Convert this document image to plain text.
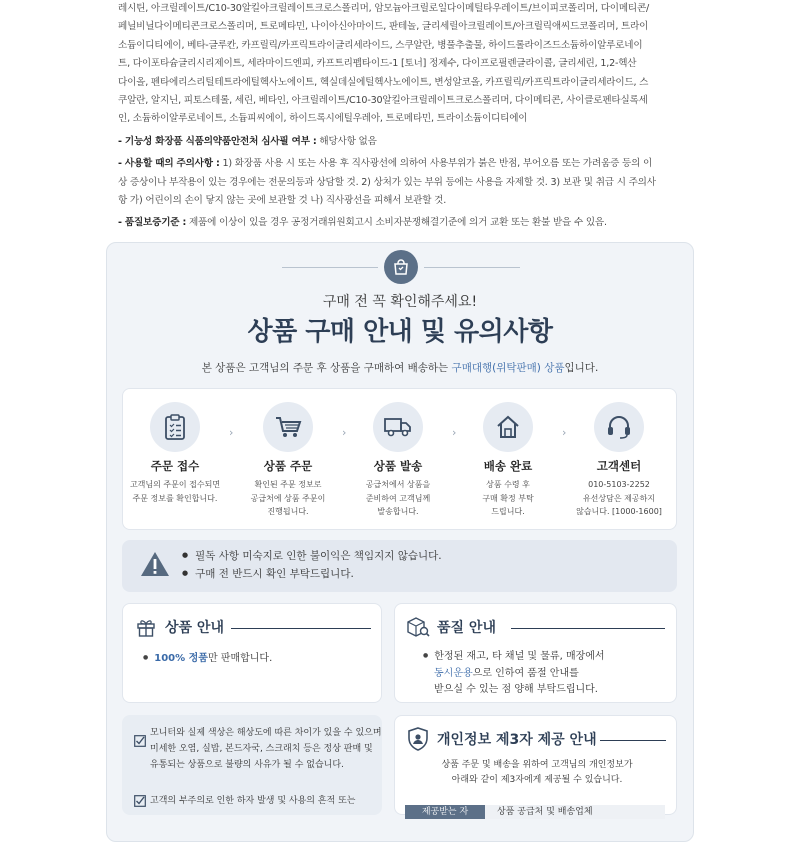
레시틴, 아크릴레이트/C10-30알킬아크릴레이트크로스폴리머, 암모늄아크릴로일다이메틸타우레이트/브이피코폴리머, 다이메티콘/

페닐비닐다이메티콘크로스폴리머, 트로메타민, 나이아신아마이드, 판테놀, 글리세릴아크릴레이트/아크릴릭애씨드코폴리머, 트라이

소듐이디티에이, 베타-글루칸, 카프릴릭/카프릭트라이글리세라이드, 스쿠알란, 병풀추출물, 하이드롤라이즈드소듐하이알루로네이

트, 다이포타슘글리시리제이트, 세라마이드엔피, 카프트리펩타이드-1 [토너] 정제수, 다이프로필렌글라이콜, 글리세린, 1,2-헥산

다이올, 펜타에리스리틸테트라에틸헥사노에이트, 헥실데실에틸헥사노에이트, 변성알코올, 카프릴릭/카프릭트라이글리세라이드, 스

쿠알란, 알지닌, 피토스테롤, 세린, 베타인, 아크릴레이트/C10-30알킬아크릴레이트크로스폴리머, 다이메티콘, 사이클로펜타실록세

인, 소듐하이알루로네이트, 소듐피씨에이, 하이드록시에틸우레아, 트로메타민, 트라이소듐이디티에이

- 기능성 화장품 식품의약품안전처 심사필 여부 : 해당사항 없음

- 사용할 때의 주의사항 : 1) 화장품 사용 시 또는 사용 후 직사광선에 의하여 사용부위가 붉은 반점, 부어오름 또는 가려움증 등의 이

상 증상이나 부작용이 있는 경우에는 전문의등과 상담할 것. 2) 상처가 있는 부위 등에는 사용을 자제할 것. 3) 보관 및 취급 시 주의사

항 가) 어린이의 손이 닿지 않는 곳에 보관할 것 나) 직사광선을 피해서 보관할 것.

- 품질보증기준 : 제품에 이상이 있을 경우 공정거래위원회고시 소비자분쟁해결기준에 의거 교환 또는 환불 받을 수 있음.

구매 전 꼭 확인해주세요!
상품 구매 안내 및 유의사항
본 상품은 고객님의 주문 후 상품을 구매하여 배송하는 구매대행(위탁판매) 상품입니다.
주문 접수
고객님의 주문이 접수되면
주문 정보를 확인합니다.
›
상품 주문
확인된 주문 정보로
공급처에 상품 주문이
진행됩니다.
›
상품 발송
공급처에서 상품을
준비하여 고객님께
발송합니다.
›
배송 완료
상품 수령 후
구매 확정 부탁
드립니다.
›
고객센터
010-5103-2252
유선상담은 제공하지
않습니다. [1000-1600]
● 필독 사항 미숙지로 인한 불이익은 책임지지 않습니다.
● 구매 전 반드시 확인 부탁드립니다.
상품 안내
● 100% 정품만 판매합니다.
품질 안내
● 한정된 재고, 타 채널 및 물류, 매장에서
동시운용으로 인하여 품절 안내를
받으실 수 있는 점 양해 부탁드립니다.
모니터와 실제 색상은 해상도에 따른 차이가 있을 수 있으며
미세한 오염, 실밥, 본드자국, 스크래치 등은 정상 판매 및
유통되는 상품으로 불량의 사유가 될 수 없습니다.
고객의 부주의로 인한 하자 발생 및 사용의 흔적 또는
개인정보 제3자 제공 안내
상품 주문 및 배송을 위하여 고객님의 개인정보가
아래와 같이 제3자에게 제공될 수 있습니다.
제공받는 자	상품 공급처 및 배송업체
